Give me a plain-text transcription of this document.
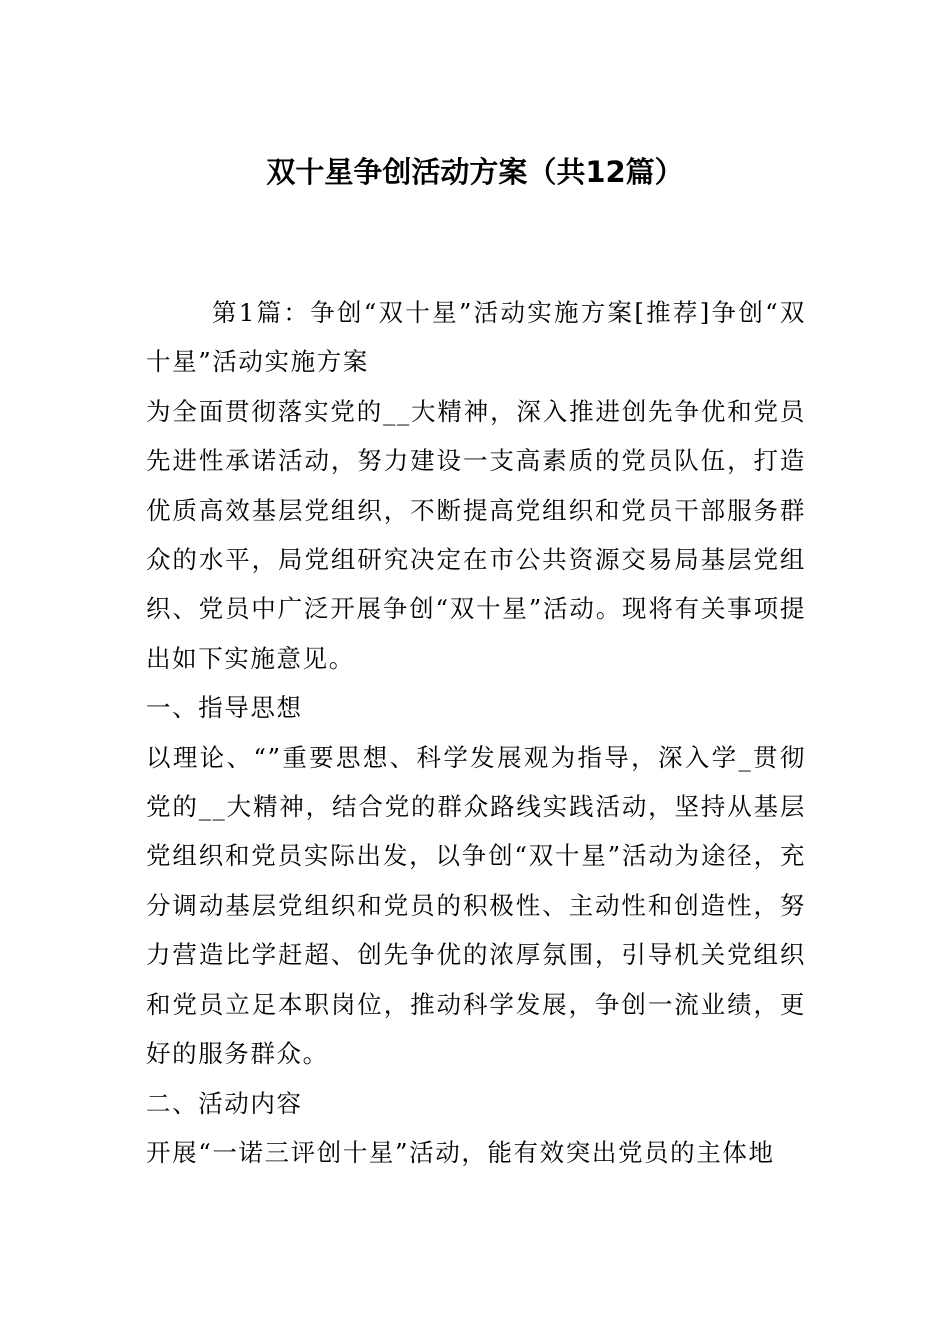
双十星争创活动方案（共12篇）

第1篇：争创“双十星”活动实施方案[推荐]争创“双十星”活动实施方案

为全面贯彻落实党的__大精神，深入推进创先争优和党员先进性承诺活动，努力建设一支高素质的党员队伍，打造优质高效基层党组织，不断提高党组织和党员干部服务群众的水平，局党组研究决定在市公共资源交易局基层党组织、党员中广泛开展争创“双十星”活动。现将有关事项提出如下实施意见。

一、指导思想

以理论、“”重要思想、科学发展观为指导，深入学_贯彻党的__大精神，结合党的群众路线实践活动，坚持从基层党组织和党员实际出发，以争创“双十星”活动为途径，充分调动基层党组织和党员的积极性、主动性和创造性，努力营造比学赶超、创先争优的浓厚氛围，引导机关党组织和党员立足本职岗位，推动科学发展，争创一流业绩，更好的服务群众。

二、活动内容

开展“一诺三评创十星”活动，能有效突出党员的主体地
